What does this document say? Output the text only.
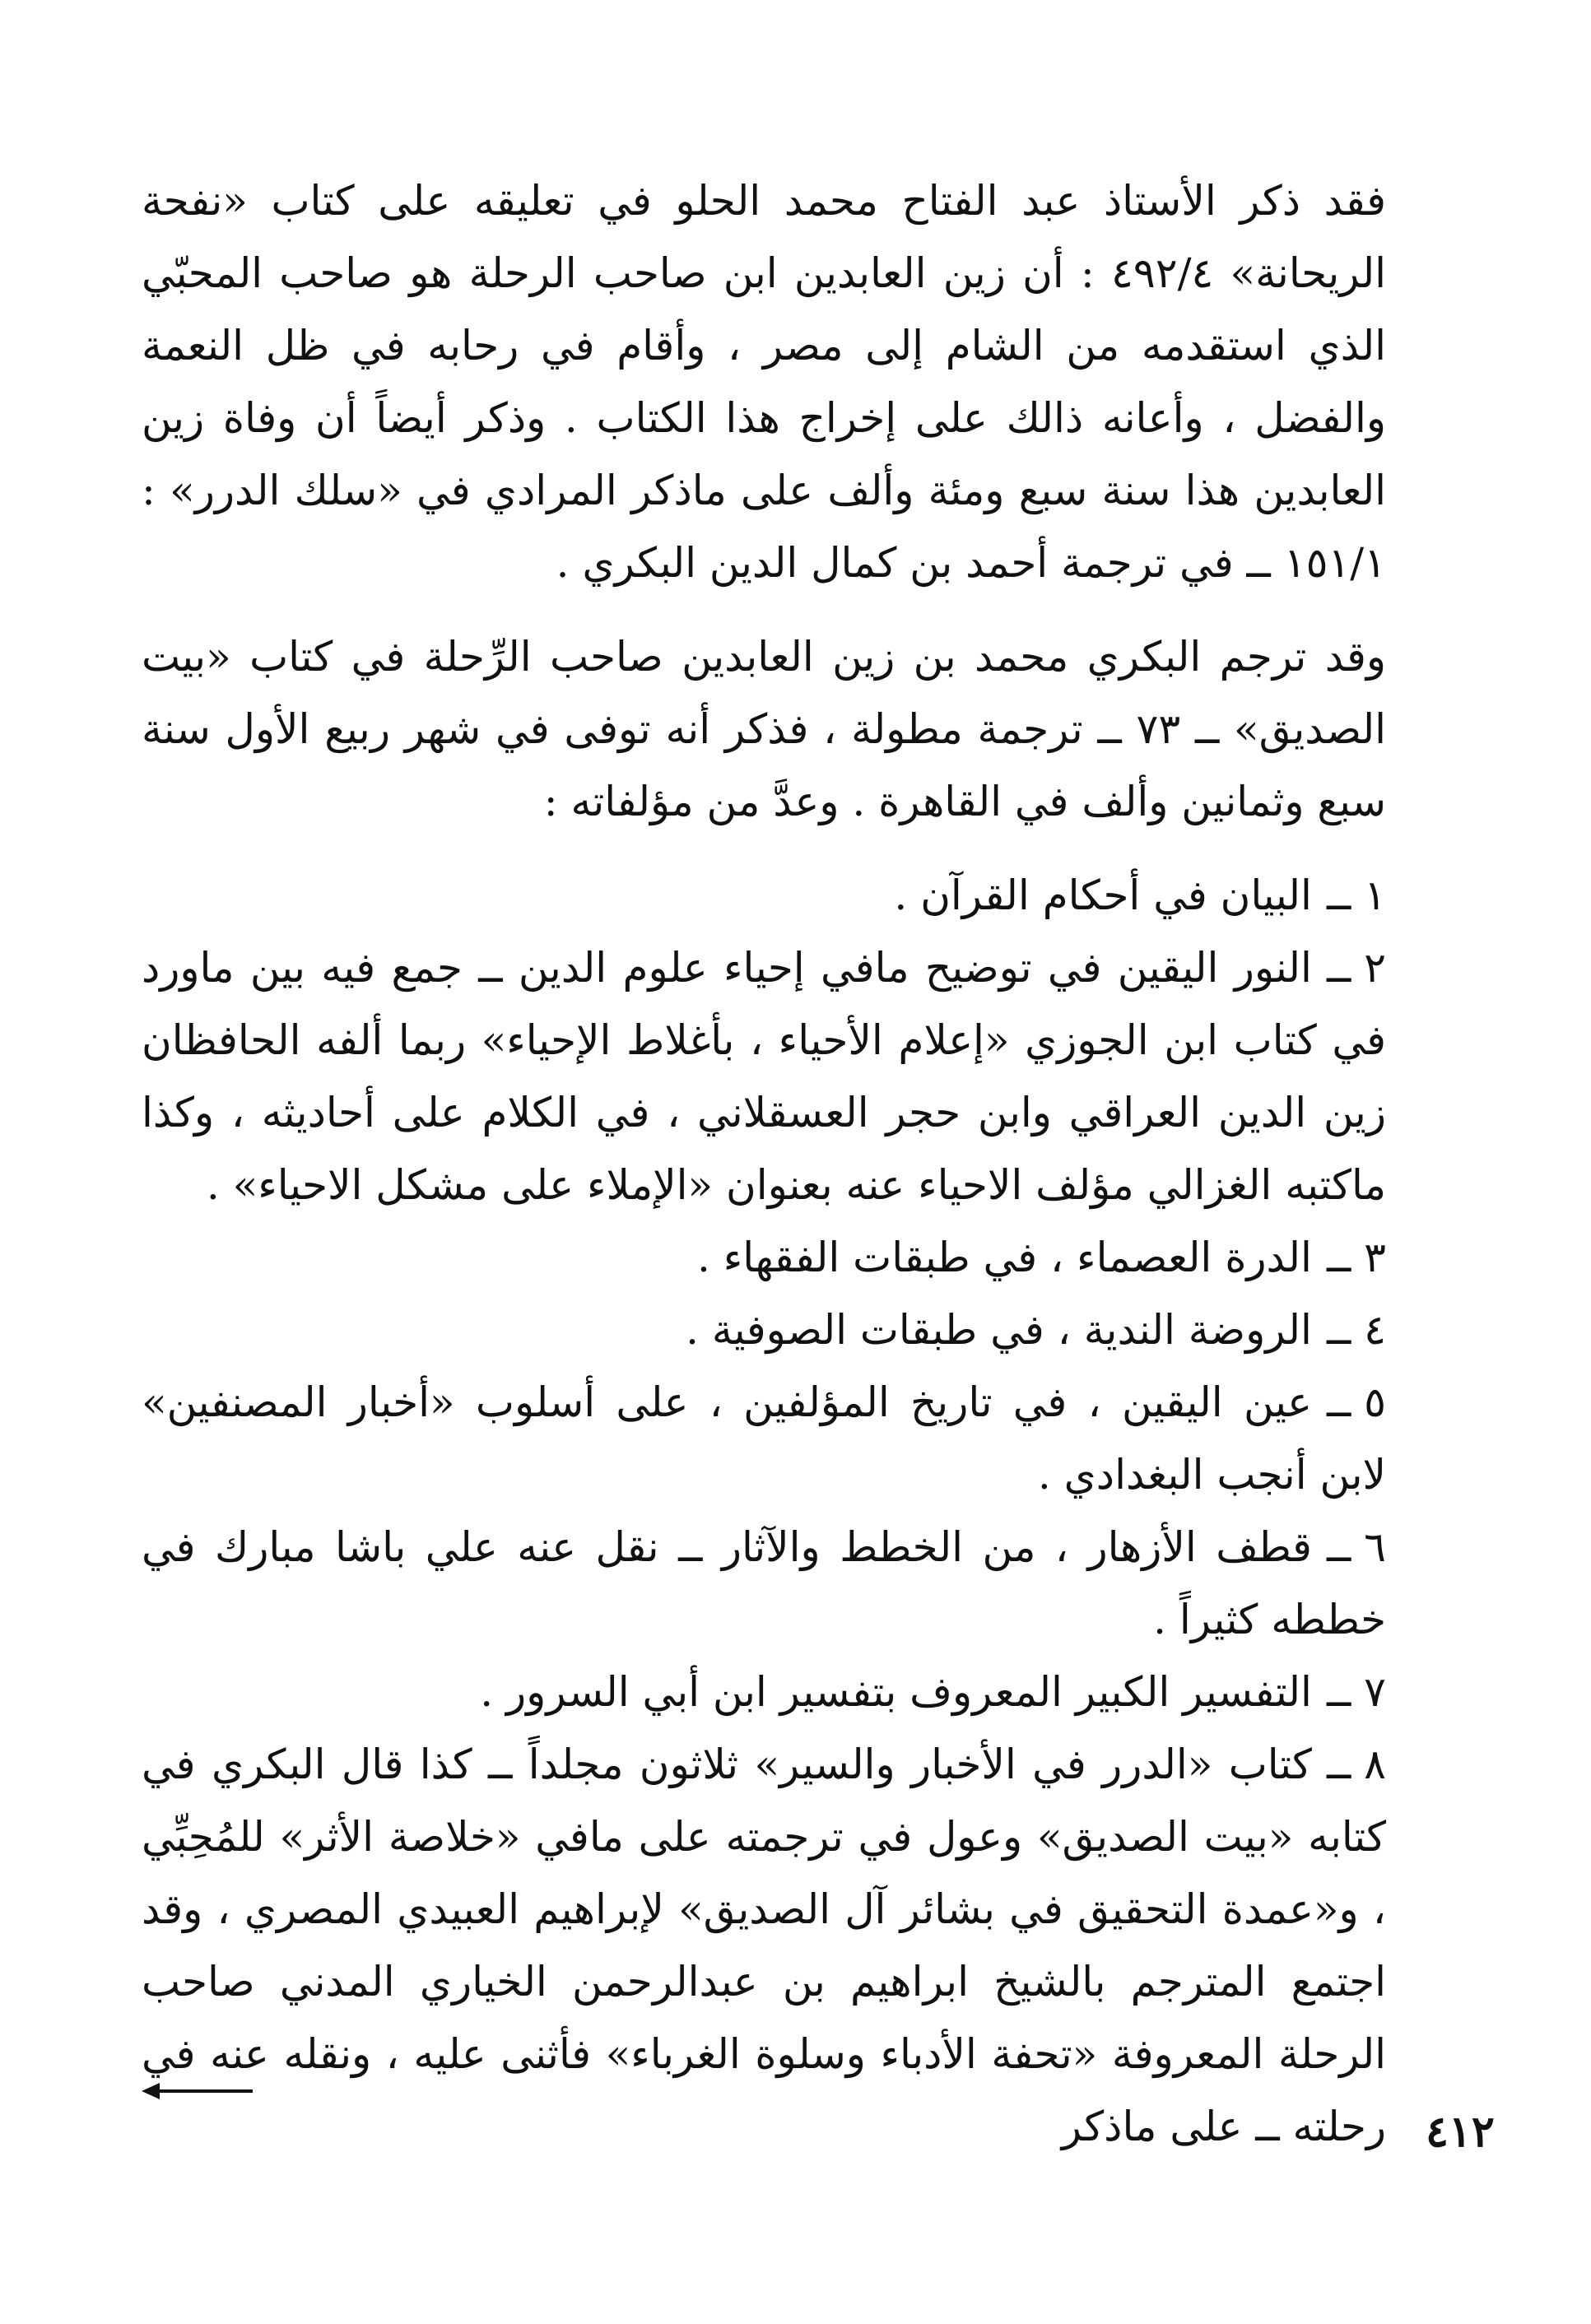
فقد ذكر الأستاذ عبد الفتاح محمد الحلو في تعليقه على كتاب «نفحة الريحانة» ٤٩٢/٤ : أن زين العابدين ابن صاحب الرحلة هو صاحب المحبّي الذي استقدمه من الشام إلى مصر ، وأقام في رحابه في ظل النعمة والفضل ، وأعانه ذالك على إخراج هذا الكتاب . وذكر أيضاً أن وفاة زين العابدين هذا سنة سبع ومئة وألف على ماذكر المرادي في «سلك الدرر» : ١٥١/١ ــ في ترجمة أحمد بن كمال الدين البكري .

وقد ترجم البكري محمد بن زين العابدين صاحب الرِّحلة في كتاب «بيت الصديق» ــ ٧٣ ــ ترجمة مطولة ، فذكر أنه توفى في شهر ربيع الأول سنة سبع وثمانين وألف في القاهرة . وعدَّ من مؤلفاته :

١ ــالبيان في أحكام القرآن .
٢ ــالنور اليقين في توضيح مافي إحياء علوم الدين ــ جمع فيه بين ماورد في كتاب ابن الجوزي «إعلام الأحياء ، بأغلاط الإحياء» ربما ألفه الحافظان زين الدين العراقي وابن حجر العسقلاني ، في الكلام على أحاديثه ، وكذا ماكتبه الغزالي مؤلف الاحياء عنه بعنوان «الإملاء على مشكل الاحياء» .
٣ ــالدرة العصماء ، في طبقات الفقهاء .
٤ ــالروضة الندية ، في طبقات الصوفية .
٥ ــعين اليقين ، في تاريخ المؤلفين ، على أسلوب «أخبار المصنفين» لابن أنجب البغدادي .
٦ ــقطف الأزهار ، من الخطط والآثار ــ نقل عنه علي باشا مبارك في خططه كثيراً .
٧ ــالتفسير الكبير المعروف بتفسير ابن أبي السرور .
٨ ــكتاب «الدرر في الأخبار والسير» ثلاثون مجلداً ــ كذا قال البكري في كتابه «بيت الصديق» وعول في ترجمته على مافي «خلاصة الأثر» للمُحِبِّي ، و«عمدة التحقيق في بشائر آل الصديق» لإبراهيم العبيدي المصري ، وقد اجتمع المترجم بالشيخ ابراهيم بن عبدالرحمن الخياري المدني صاحب الرحلة المعروفة «تحفة الأدباء وسلوة الغرباء» فأثنى عليه ، ونقله عنه في رحلته ــ على ماذكر ٤١٢
